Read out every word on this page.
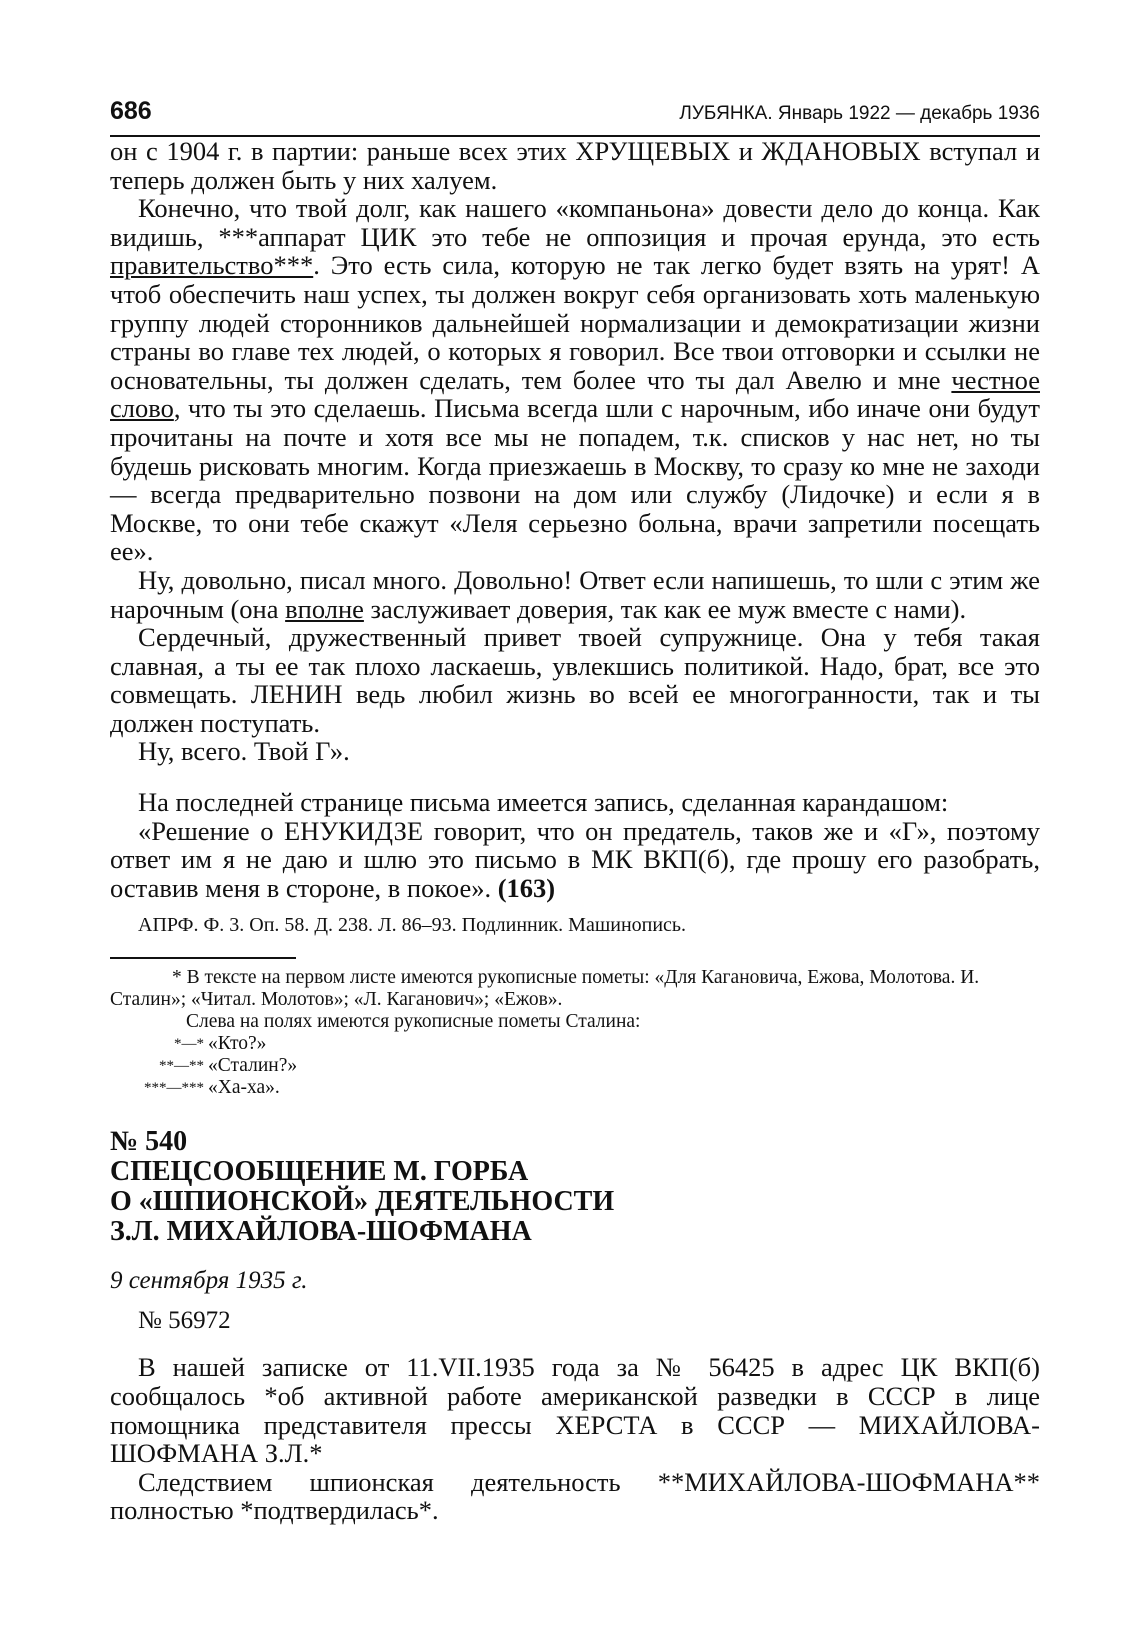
686	ЛУБЯНКА. Январь 1922 — декабрь 1936

он с 1904 г. в партии: раньше всех этих ХРУЩЕВЫХ и ЖДАНОВЫХ вступал и теперь должен быть у них халуем.

Конечно, что твой долг, как нашего «компаньона» довести дело до конца. Как видишь, ***аппарат ЦИК это тебе не оппозиция и прочая ерунда, это есть правительство***. Это есть сила, которую не так легко будет взять на урят! А чтоб обеспечить наш успех, ты должен вокруг себя организовать хоть маленькую группу людей сторонников дальнейшей нормализации и демократизации жизни страны во главе тех людей, о которых я говорил. Все твои отговорки и ссылки не основательны, ты должен сделать, тем более что ты дал Авелю и мне честное слово, что ты это сделаешь. Письма всегда шли с нарочным, ибо иначе они будут прочитаны на почте и хотя все мы не попадем, т.к. списков у нас нет, но ты будешь рисковать многим. Когда приезжаешь в Москву, то сразу ко мне не заходи — всегда предварительно позвони на дом или службу (Лидочке) и если я в Москве, то они тебе скажут «Леля серьезно больна, врачи запретили посещать ее».

Ну, довольно, писал много. Довольно! Ответ если напишешь, то шли с этим же нарочным (она вполне заслуживает доверия, так как ее муж вместе с нами).

Сердечный, дружественный привет твоей супружнице. Она у тебя такая славная, а ты ее так плохо ласкаешь, увлекшись политикой. Надо, брат, все это совмещать. ЛЕНИН ведь любил жизнь во всей ее многогранности, так и ты должен поступать.

Ну, всего. Твой Г».

На последней странице письма имеется запись, сделанная карандашом:

«Решение о ЕНУКИДЗЕ говорит, что он предатель, таков же и «Г», поэтому ответ им я не даю и шлю это письмо в МК ВКП(б), где прошу его разобрать, оставив меня в стороне, в покое». (163)

АПРФ. Ф. 3. Оп. 58. Д. 238. Л. 86–93. Подлинник. Машинопись.

* В тексте на первом листе имеются рукописные пометы: «Для Кагановича, Ежова, Молотова. И. Сталин»; «Читал. Молотов»; «Л. Каганович»; «Ежов».

Слева на полях имеются рукописные пометы Сталина:

*—* «Кто?»
**—** «Сталин?»
***—*** «Ха-ха».
№ 540
СПЕЦСООБЩЕНИЕ М. ГОРБА
О «ШПИОНСКОЙ» ДЕЯТЕЛЬНОСТИ
З.Л. МИХАЙЛОВА-ШОФМАНА
9 сентября 1935 г.
№ 56972

В нашей записке от 11.VII.1935 года за № 56425 в адрес ЦК ВКП(б) сообщалось *об активной работе американской разведки в СССР в лице помощника представителя прессы ХЕРСТА в СССР — МИХАЙЛОВА-ШОФМАНА З.Л.*

Следствием шпионская деятельность **МИХАЙЛОВА-ШОФМАНА** полностью *подтвердилась*.
